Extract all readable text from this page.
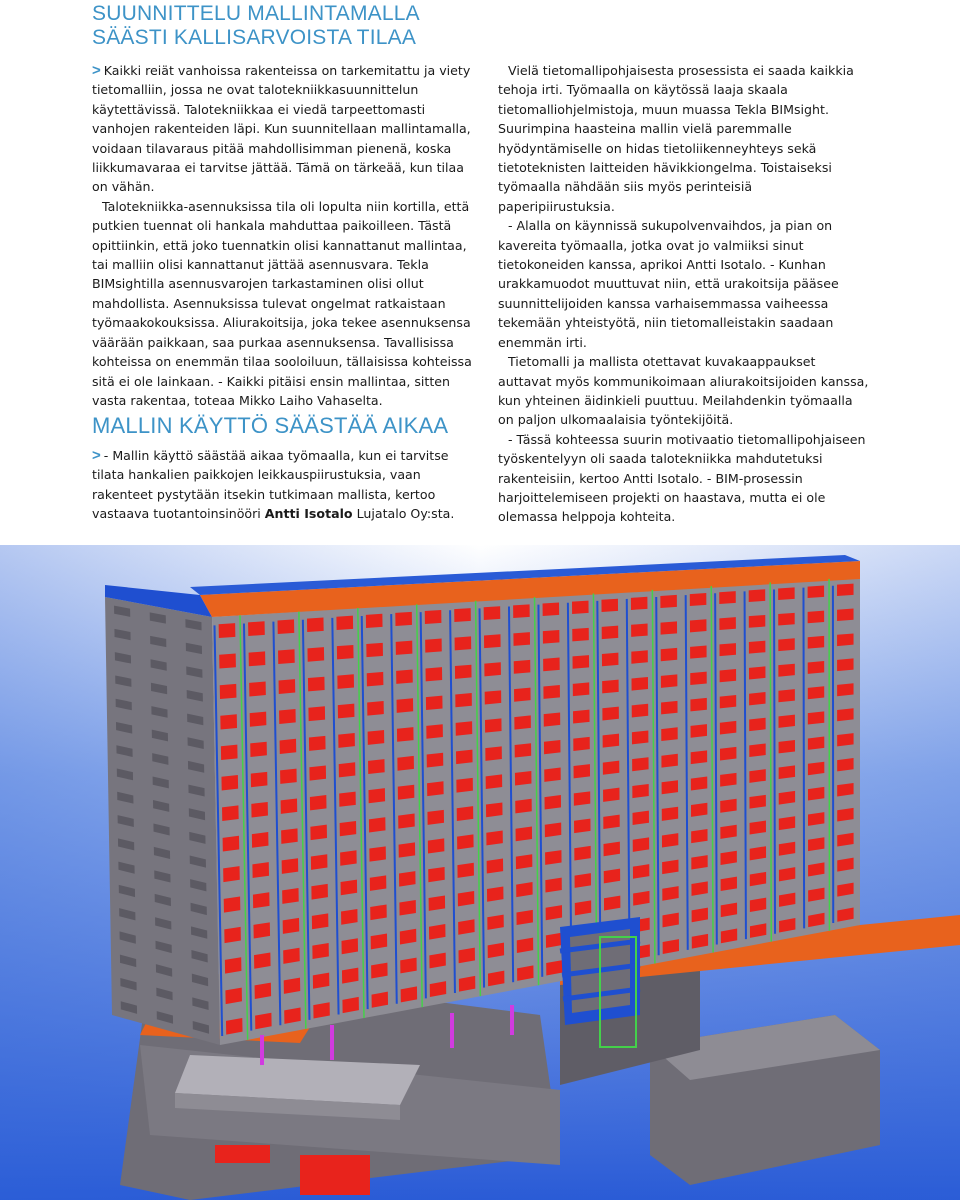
SUUNNITTELU MALLINTAMALLA
SÄÄSTI KALLISARVOISTA TILAA

> Kaikki reiät vanhoissa rakenteissa on tarkemitattu ja viety tietomalliin, jossa ne ovat talotekniikkasuunnittelun käytettävissä. Talotekniikkaa ei viedä tarpeettomasti vanhojen rakenteiden läpi. Kun suunnitellaan mallintamalla, voidaan tilavaraus pitää mahdollisimman pienenä, koska liikkumavaraa ei tarvitse jättää. Tämä on tärkeää, kun tilaa on vähän.

Talotekniikka-asennuksissa tila oli lopulta niin kortilla, että putkien tuennat oli hankala mahduttaa paikoilleen. Tästä opittiinkin, että joko tuennatkin olisi kannattanut mallintaa, tai malliin olisi kannattanut jättää asennusvara. Tekla BIMsightilla asennusvarojen tarkastaminen olisi ollut mahdollista. Asennuksissa tulevat ongelmat ratkaistaan työmaakokouksissa. Aliurakoitsija, joka tekee asennuksensa väärään paikkaan, saa purkaa asennuksensa. Tavallisissa kohteissa on enemmän tilaa sooloiluun, tällaisissa kohteissa sitä ei ole lainkaan. - Kaikki pitäisi ensin mallintaa, sitten vasta rakentaa, toteaa Mikko Laiho Vahaselta.

MALLIN KÄYTTÖ SÄÄSTÄÄ AIKAA

> - Mallin käyttö säästää aikaa työmaalla, kun ei tarvitse tilata hankalien paikkojen leikkauspiirustuksia, vaan rakenteet pystytään itsekin tutkimaan mallista, kertoo vastaava tuotantoinsinööri Antti Isotalo Lujatalo Oy:sta.

Vielä tietomallipohjaisesta prosessista ei saada kaikkia tehoja irti. Työmaalla on käytössä laaja skaala tietomalliohjelmistoja, muun muassa Tekla BIMsight. Suurimpina haasteina mallin vielä paremmalle hyödyntämiselle on hidas tietoliikenneyhteys sekä tietoteknisten laitteiden hävikkiongelma. Toistaiseksi työmaalla nähdään siis myös perinteisiä paperipiirustuksia.

- Alalla on käynnissä sukupolvenvaihdos, ja pian on kavereita työmaalla, jotka ovat jo valmiiksi sinut tietokoneiden kanssa, aprikoi Antti Isotalo. - Kunhan urakkamuodot muuttuvat niin, että urakoitsija pääsee suunnittelijoiden kanssa varhaisemmassa vaiheessa tekemään yhteistyötä, niin tietomalleistakin saadaan enemmän irti.

Tietomalli ja mallista otettavat kuvakaappaukset auttavat myös kommunikoimaan aliurakoitsijoiden kanssa, kun yhteinen äidinkieli puuttuu. Meilahdenkin työmaalla on paljon ulkomaalaisia työntekijöitä.

- Tässä kohteessa suurin motivaatio tietomallipohjaiseen työskentelyyn oli saada talotekniikka mahdutetuksi rakenteisiin, kertoo Antti Isotalo. - BIM-prosessin harjoittelemiseen projekti on haastava, mutta ei ole olemassa helppoja kohteita.
